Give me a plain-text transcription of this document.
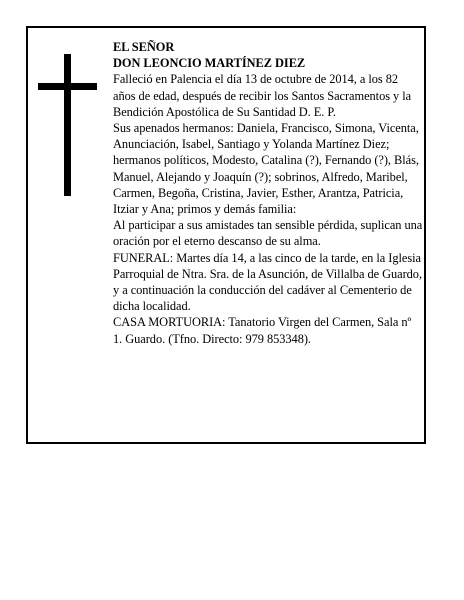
EL SEÑOR

DON LEONCIO MARTÍNEZ DIEZ

Falleció en Palencia el día 13 de octubre de 2014, a los 82 años de edad, después de recibir los Santos Sacramentos y la Bendición Apostólica de Su Santidad D. E. P.

Sus apenados hermanos: Daniela, Francisco, Simona, Vicenta, Anunciación, Isabel, Santiago y Yolanda Martínez Diez; hermanos políticos, Modesto, Catalina (?), Fernando (?), Blás, Manuel, Alejando y Joaquín (?); sobrinos, Alfredo, Maribel, Carmen, Begoña, Cristina, Javier, Esther, Arantza, Patricia, Itziar y Ana; primos y demás familia:

Al participar a sus amistades tan sensible pérdida, suplican una oración por el eterno descanso de su alma.

FUNERAL: Martes día 14, a las cinco de la tarde, en la Iglesia Parroquial de Ntra. Sra. de la Asunción, de Villalba de Guardo, y a continuación la conducción del cadáver al Cementerio de dicha localidad.

CASA MORTUORIA: Tanatorio Virgen del Carmen, Sala nº 1. Guardo. (Tfno. Directo: 979 853348).
